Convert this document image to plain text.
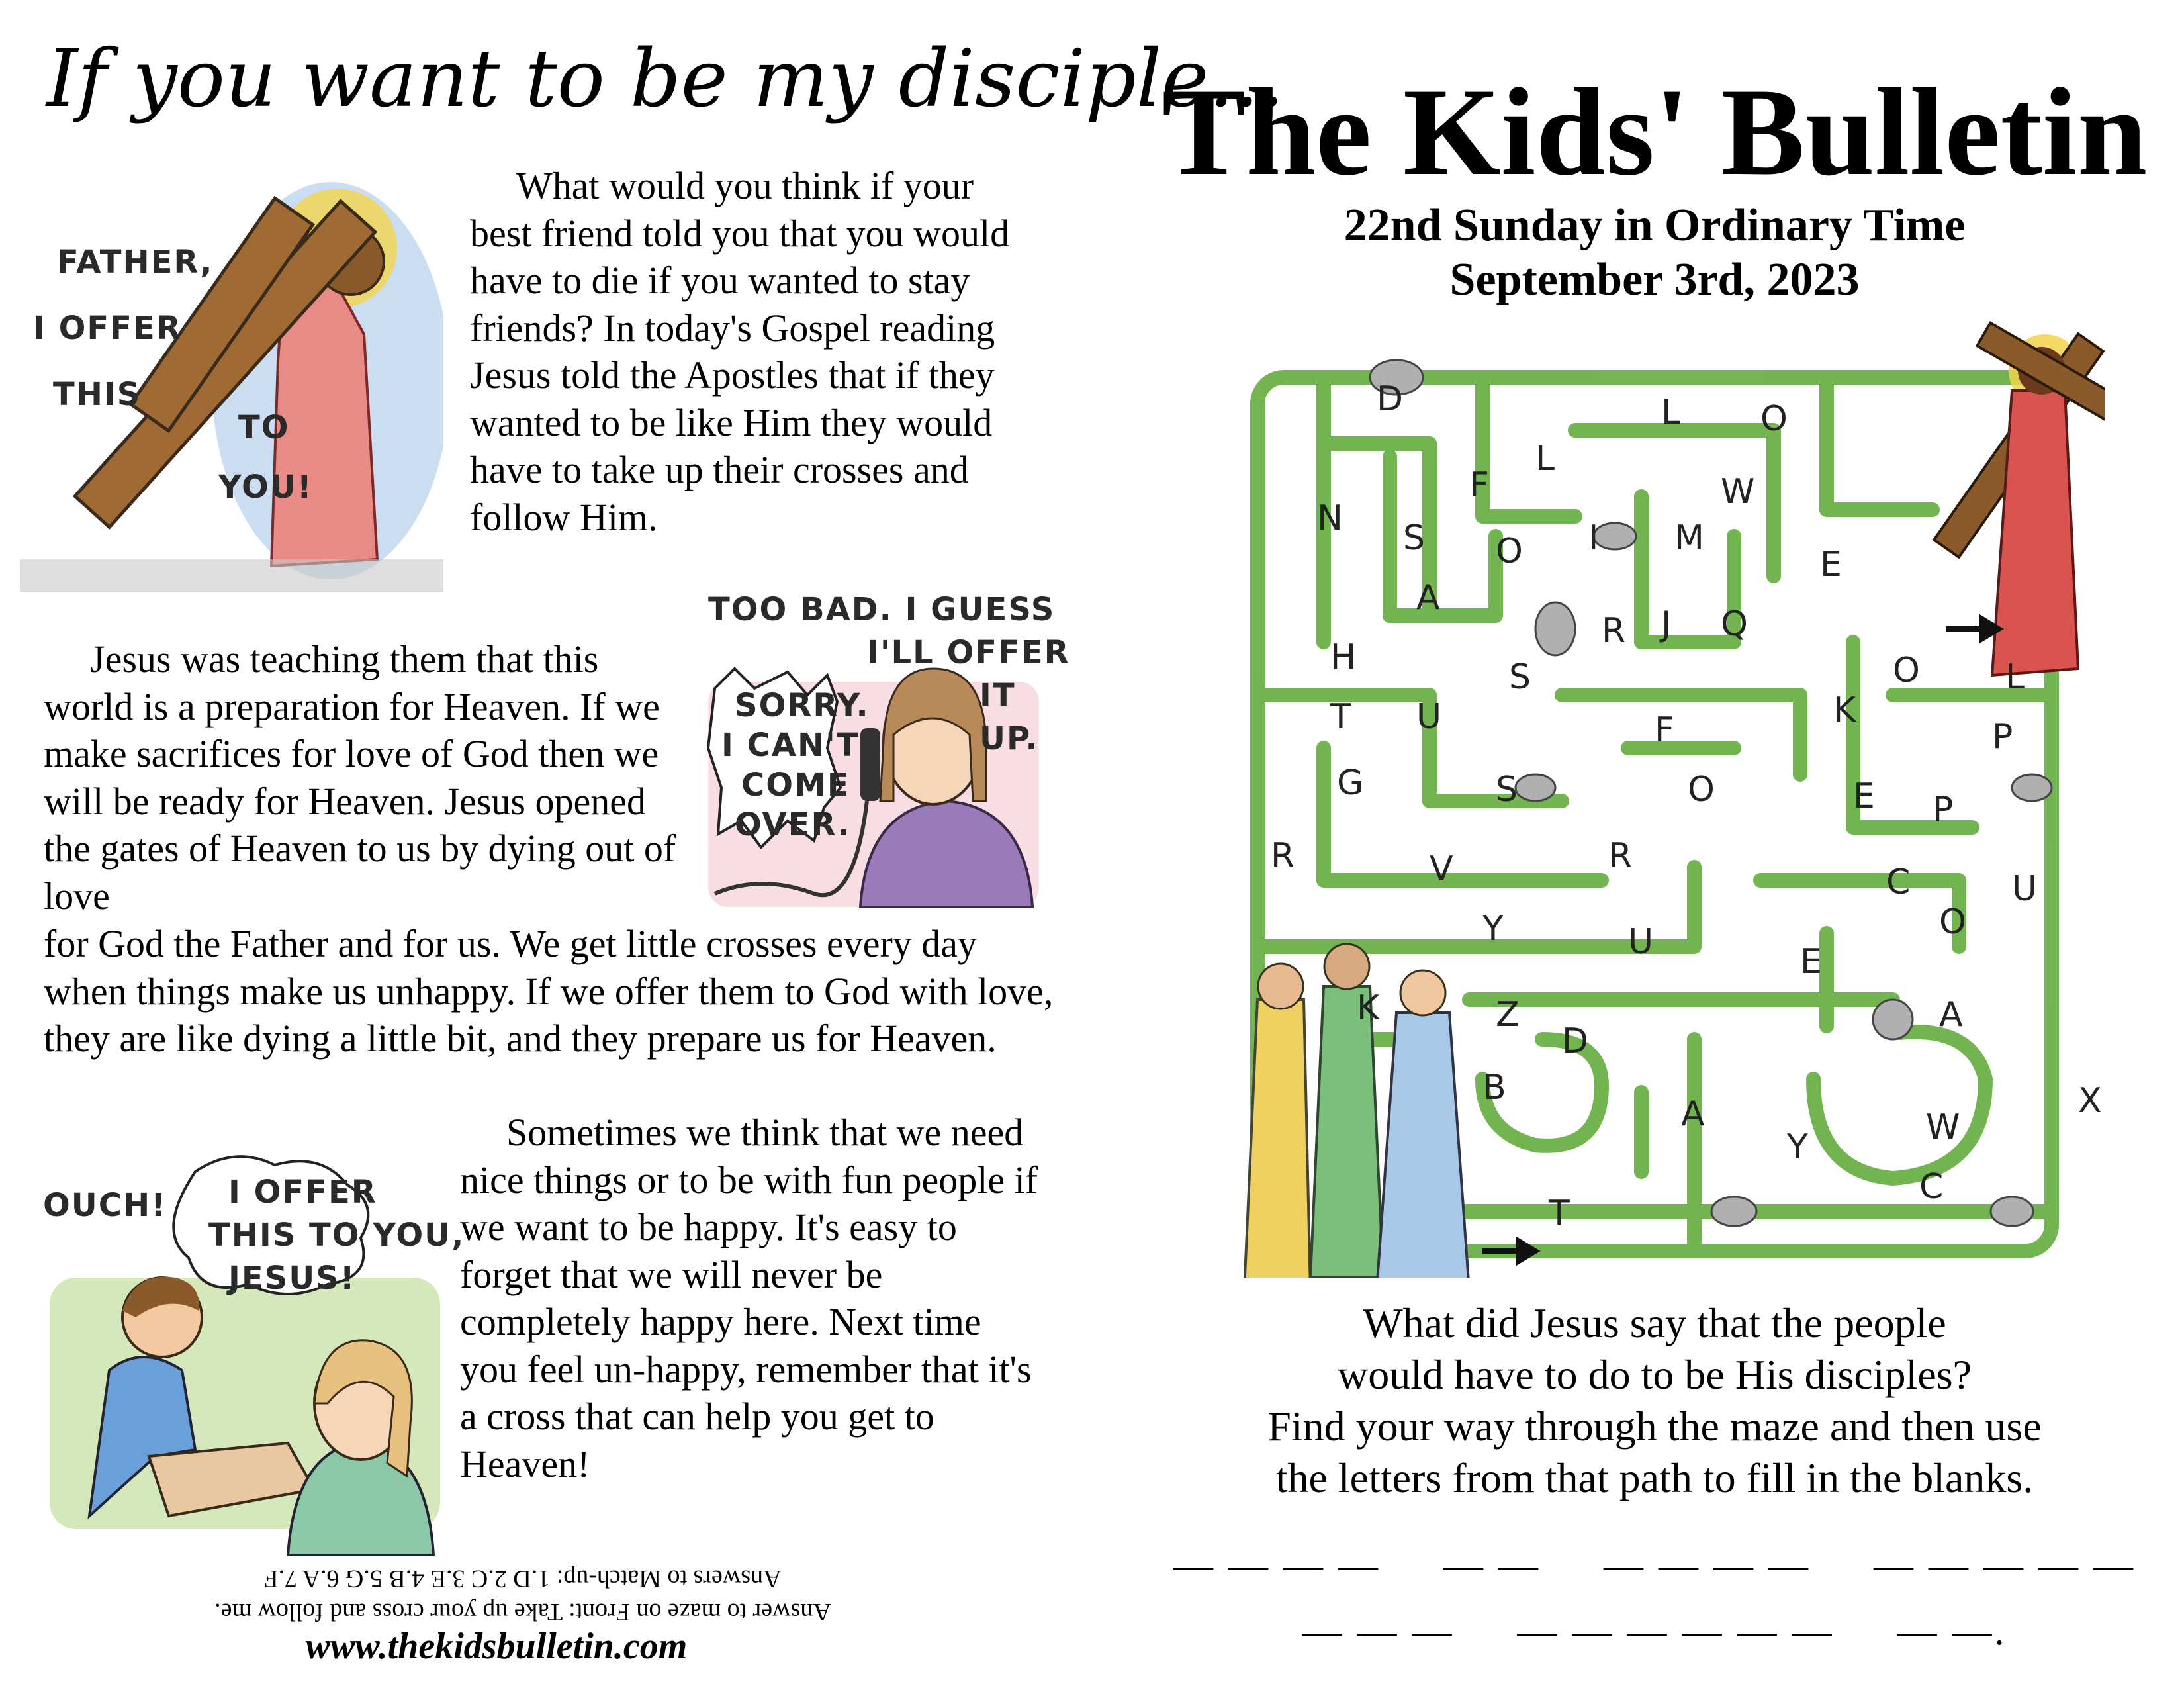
If you want to be my disciple...
FATHER,
I OFFER
THIS
TO
YOU!
What would you think if your best friend told you that you would have to die if you wanted to stay friends? In today's Gospel reading Jesus told the Apostles that if they wanted to be like Him they would have to take up their crosses and follow Him.
TOO BAD. I GUESS
I'LL OFFER
IT
UP.
SORRY.
I CAN'T
COME
OVER.
Jesus was teaching them that this world is a preparation for Heaven. If we make sacrifices for love of God then we will be ready for Heaven. Jesus opened the gates of Heaven to us by dying out of love
for God the Father and for us. We get little crosses every day when things make us unhappy. If we offer them to God with love, they are like dying a little bit, and they prepare us for Heaven.
OUCH! I OFFER
THIS TO YOU,
JESUS!
Sometimes we think that we need nice things or to be with fun people if we want to be happy. It's easy to forget that we will never be completely happy here. Next time you feel un-happy, remember that it's a cross that can help you get to Heaven!
Answer to maze on Front: Take up your cross and follow me.
Answers to Match-up: 1.D 2.C 3.E 4.B 5.G 6.A 7.F
www.thekidsbulletin.com
The Kids' Bulletin
22nd Sunday in Ordinary Time
September 3rd, 2023
D	L O
L
F	W
N S O I M
E
A
R J Q
H	S	O L
T U	F	K
P
G	S	O	E P
R	V	R
C
Y	U
U
O
E
K	Z	A
D
B
A	X
Y	W
T
C
What did Jesus say that the people
would have to do to be His disciples?
Find your way through the maze and then use
the letters from that path to fill in the blanks.
— — — — — — — — — — — — — — —
— — — — — — — — — — —.
